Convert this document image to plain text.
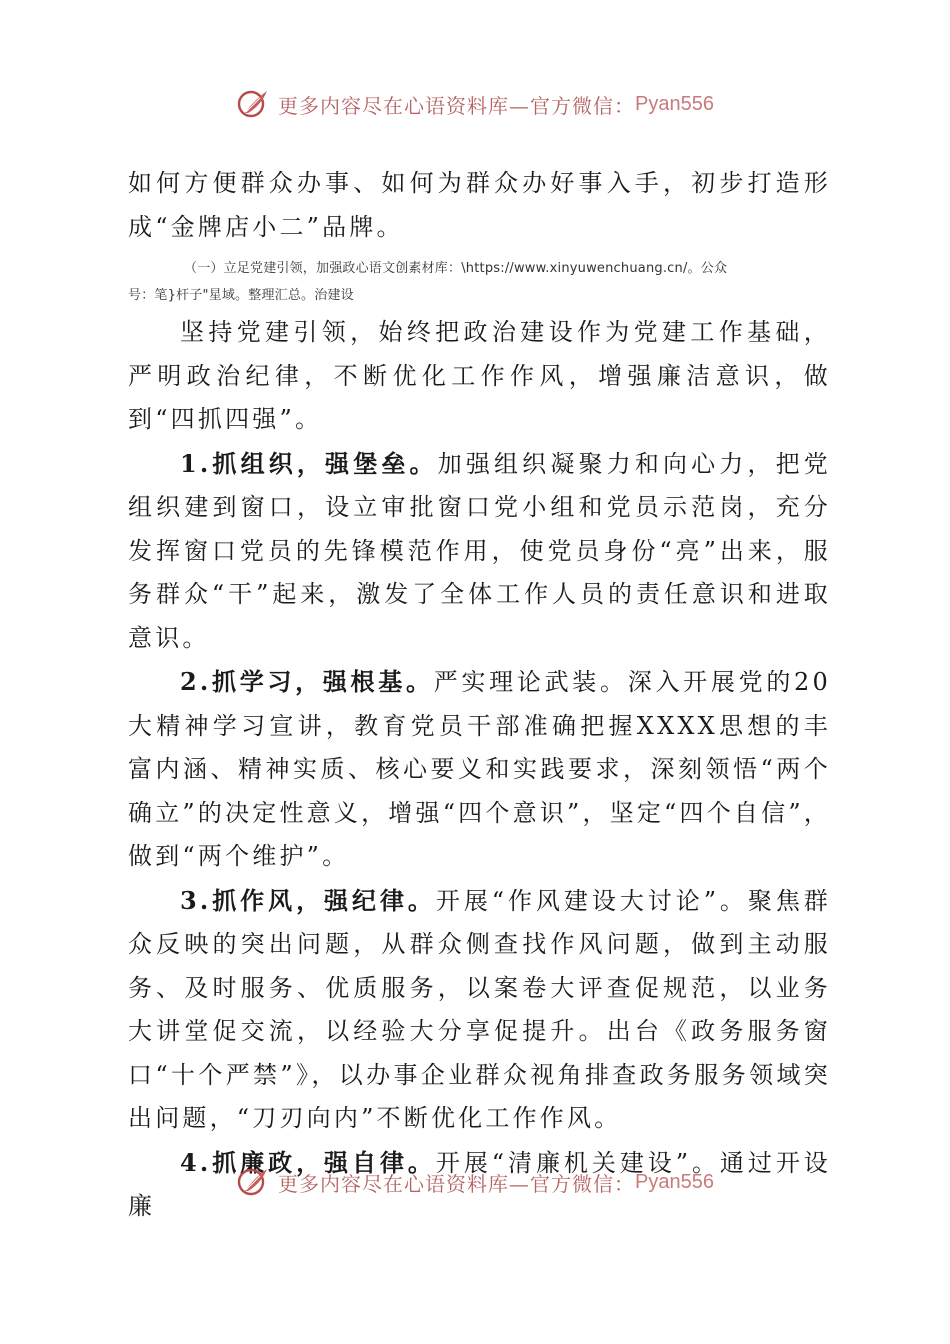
更多内容尽在心语资料库—官方微信： Pyan556

如何方便群众办事、如何为群众办好事入手，初步打造形成“金牌店小二”品牌。

（一）立足党建引领，加强政心语文创素材库：\https://www.xinyuwenchuang.cn/。公众
号：笔}杆子"星域。整理汇总。治建设

坚持党建引领，始终把政治建设作为党建工作基础，严明政治纪律，不断优化工作作风，增强廉洁意识，做到“四抓四强”。

1.抓组织，强堡垒。加强组织凝聚力和向心力，把党组织建到窗口，设立审批窗口党小组和党员示范岗，充分发挥窗口党员的先锋模范作用，使党员身份“亮”出来，服务群众“干”起来，激发了全体工作人员的责任意识和进取意识。

2.抓学习，强根基。严实理论武装。深入开展党的20大精神学习宣讲，教育党员干部准确把握XXXX思想的丰富内涵、精神实质、核心要义和实践要求，深刻领悟“两个确立”的决定性意义，增强“四个意识”，坚定“四个自信”，做到“两个维护”。

3.抓作风，强纪律。开展“作风建设大讨论”。聚焦群众反映的突出问题，从群众侧查找作风问题，做到主动服务、及时服务、优质服务，以案卷大评查促规范，以业务大讲堂促交流，以经验大分享促提升。出台《政务服务窗口“十个严禁”》，以办事企业群众视角排查政务服务领域突出问题，“刀刃向内”不断优化工作作风。

4.抓廉政，强自律。开展“清廉机关建设”。通过开设廉

更多内容尽在心语资料库—官方微信： Pyan556
